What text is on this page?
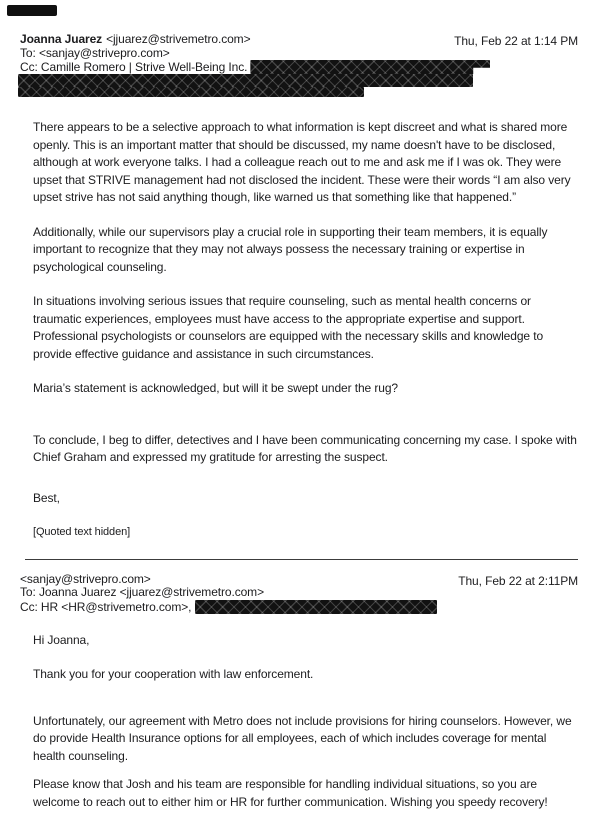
Joanna Juarez <jjuarez@strivemetro.com>
To: <sanjay@strivepro.com>
Cc: Camille Romero | Strive Well-Being Inc.
Thu, Feb 22 at 1:14 PM

There appears to be a selective approach to what information is kept discreet and what is shared more openly. This is an important matter that should be discussed, my name doesn't have to be disclosed, although at work everyone talks. I had a colleague reach out to me and ask me if I was ok. They were upset that STRIVE management had not disclosed the incident. These were their words “I am also very upset strive has not said anything though, like warned us that something like that happened.”

Additionally, while our supervisors play a crucial role in supporting their team members, it is equally important to recognize that they may not always possess the necessary training or expertise in psychological counseling.

In situations involving serious issues that require counseling, such as mental health concerns or traumatic experiences, employees must have access to the appropriate expertise and support. Professional psychologists or counselors are equipped with the necessary skills and knowledge to provide effective guidance and assistance in such circumstances.

Maria’s statement is acknowledged, but will it be swept under the rug?

To conclude, I beg to differ, detectives and I have been communicating concerning my case. I spoke with Chief Graham and expressed my gratitude for arresting the suspect.

Best,

[Quoted text hidden]

<sanjay@strivepro.com>
To: Joanna Juarez <jjuarez@strivemetro.com>
Cc: HR <HR@strivemetro.com>,
Thu, Feb 22 at 2:11PM

Hi Joanna,

Thank you for your cooperation with law enforcement.

Unfortunately, our agreement with Metro does not include provisions for hiring counselors. However, we do provide Health Insurance options for all employees, each of which includes coverage for mental health counseling.

Please know that Josh and his team are responsible for handling individual situations, so you are welcome to reach out to either him or HR for further communication. Wishing you speedy recovery!
